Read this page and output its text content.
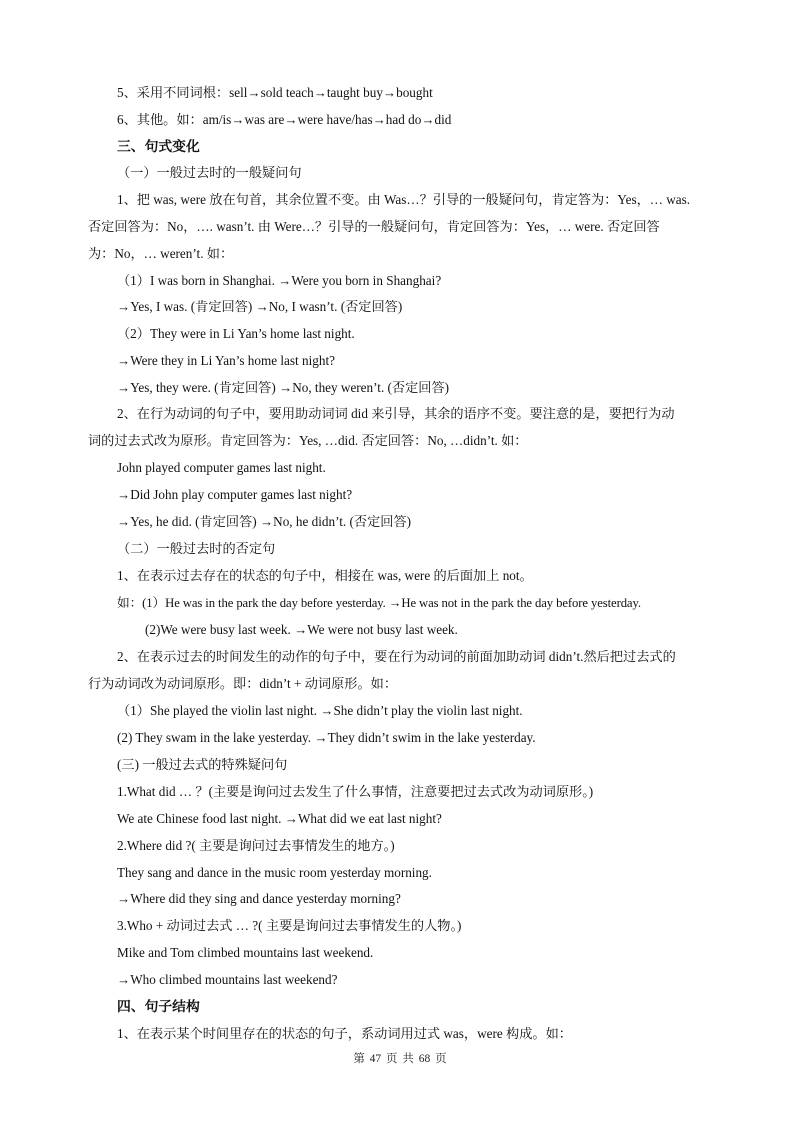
5、采用不同词根：sell→sold teach→taught buy→bought
6、其他。如：am/is→was are→were have/has→had do→did
三、句式变化
（一）一般过去时的一般疑问句
1、把 was, were 放在句首，其余位置不变。由 Was…？引导的一般疑问句，肯定答为：Yes，… was.
否定回答为：No，…. wasn’t. 由 Were…？引导的一般疑问句，肯定回答为：Yes，… were. 否定回答
为：No，… weren’t. 如：
（1）I was born in Shanghai. →Were you born in Shanghai?
→Yes, I was. (肯定回答) →No, I wasn’t. (否定回答)
（2）They were in Li Yan’s home last night.
→Were they in Li Yan’s home last night?
→Yes, they were. (肯定回答) →No, they weren’t. (否定回答)
2、在行为动词的句子中，要用助动词词 did 来引导，其余的语序不变。要注意的是，要把行为动
词的过去式改为原形。肯定回答为：Yes, …did. 否定回答：No, …didn’t. 如：
John played computer games last night.
→Did John play computer games last night?
→Yes, he did. (肯定回答) →No, he didn’t. (否定回答)
（二）一般过去时的否定句
1、在表示过去存在的状态的句子中，相接在 was, were 的后面加上 not。
如：(1）He was in the park the day before yesterday. →He was not in the park the day before yesterday.
(2)We were busy last week. →We were not busy last week.
2、在表示过去的时间发生的动作的句子中，要在行为动词的前面加助动词 didn’t.然后把过去式的
行为动词改为动词原形。即：didn’t + 动词原形。如：
（1）She played the violin last night. →She didn’t play the violin last night.
(2) They swam in the lake yesterday. →They didn’t swim in the lake yesterday.
(三) 一般过去式的特殊疑问句
1.What did … ？(主要是询问过去发生了什么事情，注意要把过去式改为动词原形。)
We ate Chinese food last night. →What did we eat last night?
2.Where did ?( 主要是询问过去事情发生的地方。)
They sang and dance in the music room yesterday morning.
→Where did they sing and dance yesterday morning?
3.Who + 动词过去式 … ?( 主要是询问过去事情发生的人物。)
Mike and Tom climbed mountains last weekend.
→Who climbed mountains last weekend?
四、句子结构
1、在表示某个时间里存在的状态的句子，系动词用过式 was，were 构成。如：
第 47 页 共 68 页
